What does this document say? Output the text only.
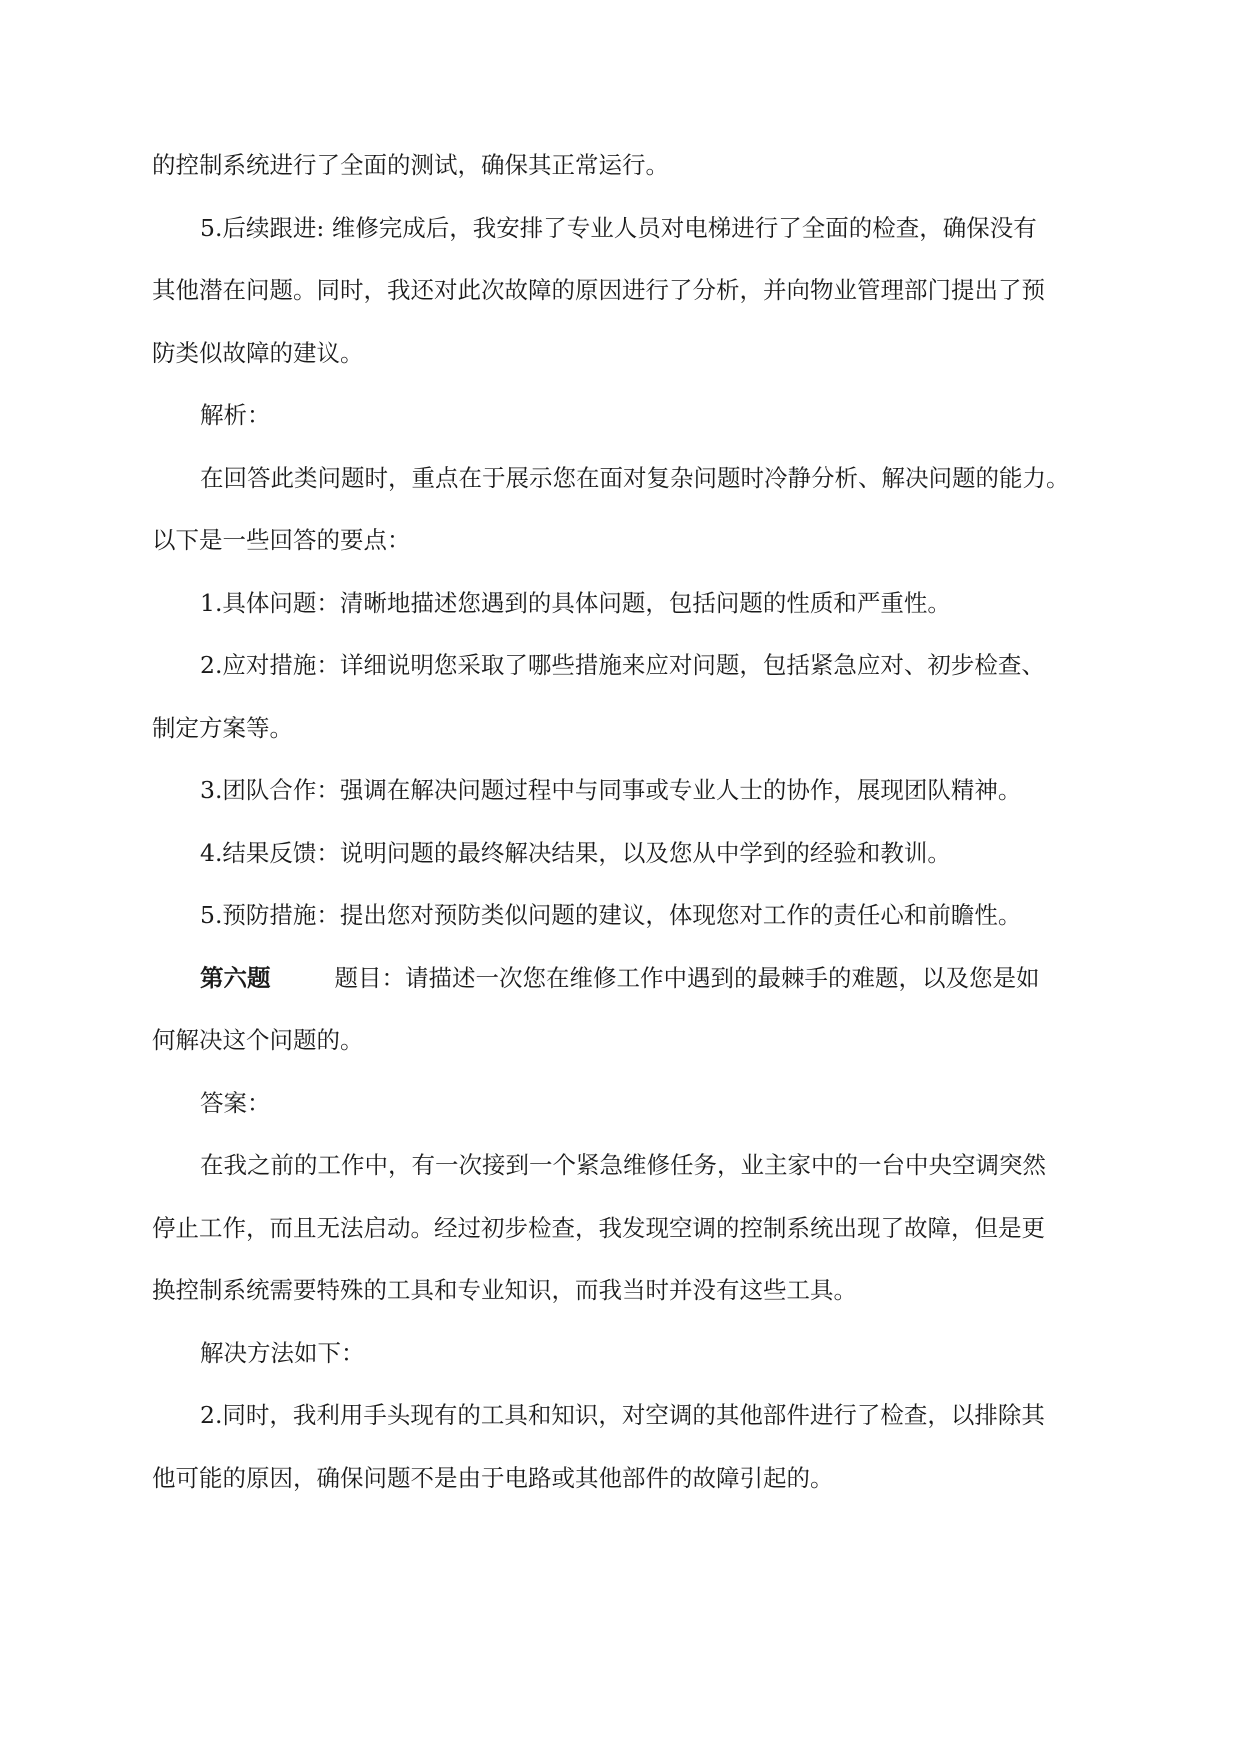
的控制系统进行了全面的测试，确保其正常运行。
5.后续跟进: 维修完成后，我安排了专业人员对电梯进行了全面的检查，确保没有
其他潜在问题。同时，我还对此次故障的原因进行了分析，并向物业管理部门提出了预
防类似故障的建议。
解析：
在回答此类问题时，重点在于展示您在面对复杂问题时冷静分析、解决问题的能力。
以下是一些回答的要点：
1.具体问题：清晰地描述您遇到的具体问题，包括问题的性质和严重性。
2.应对措施：详细说明您采取了哪些措施来应对问题，包括紧急应对、初步检查、
制定方案等。
3.团队合作：强调在解决问题过程中与同事或专业人士的协作，展现团队精神。
4.结果反馈：说明问题的最终解决结果，以及您从中学到的经验和教训。
5.预防措施：提出您对预防类似问题的建议，体现您对工作的责任心和前瞻性。
第六题	题目：请描述一次您在维修工作中遇到的最棘手的难题，以及您是如
何解决这个问题的。
答案：
在我之前的工作中，有一次接到一个紧急维修任务，业主家中的一台中央空调突然
停止工作，而且无法启动。经过初步检查，我发现空调的控制系统出现了故障，但是更
换控制系统需要特殊的工具和专业知识，而我当时并没有这些工具。
解决方法如下：
2.同时，我利用手头现有的工具和知识，对空调的其他部件进行了检查，以排除其
他可能的原因，确保问题不是由于电路或其他部件的故障引起的。
